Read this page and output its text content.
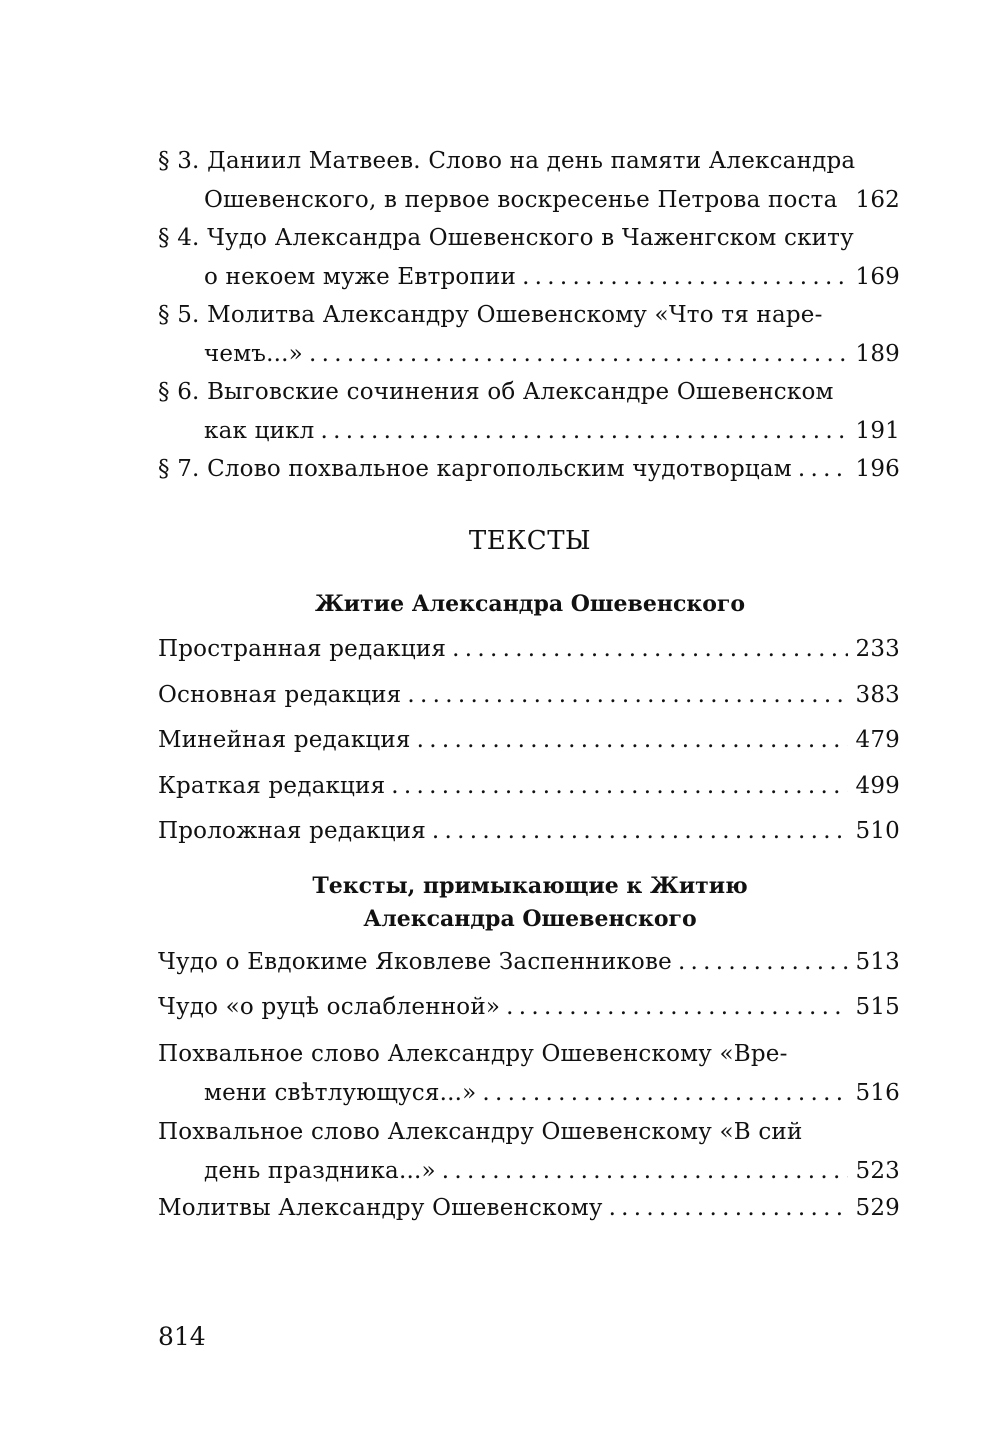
§ 3. Даниил Матвеев. Слово на день памяти Александра
Ошевенского, в первое воскресенье Петрова поста 162
§ 4. Чудо Александра Ошевенского в Чаженгском скиту
о некоем муже Евтропии . . .	169
§ 5. Молитва Александру Ошевенскому «Что тя наре-
чемъ...» . . .	189
§ 6. Выговские сочинения об Александре Ошевенском
как цикл . . .	191
§ 7. Слово похвальное каргопольским чудотворцам . . .	196
ТЕКСТЫ
Житие Александра Ошевенского
Пространная редакция . . .	233
Основная редакция . . .	383
Минейная редакция . . .	479
Краткая редакция . . .	499
Проложная редакция . . .	510
Тексты, примыкающие к Житию
Александра Ошевенского
Чудо о Евдокиме Яковлеве Заспенникове . . .	513
Чудо «о руцѣ ослабленной» . . .	515
Похвальное слово Александру Ошевенскому «Вре-
мени свѣтлующуся...» . . .	516
Похвальное слово Александру Ошевенскому «В сий
день праздника...» . . .	523
Молитвы Александру Ошевенскому . . .	529
814
